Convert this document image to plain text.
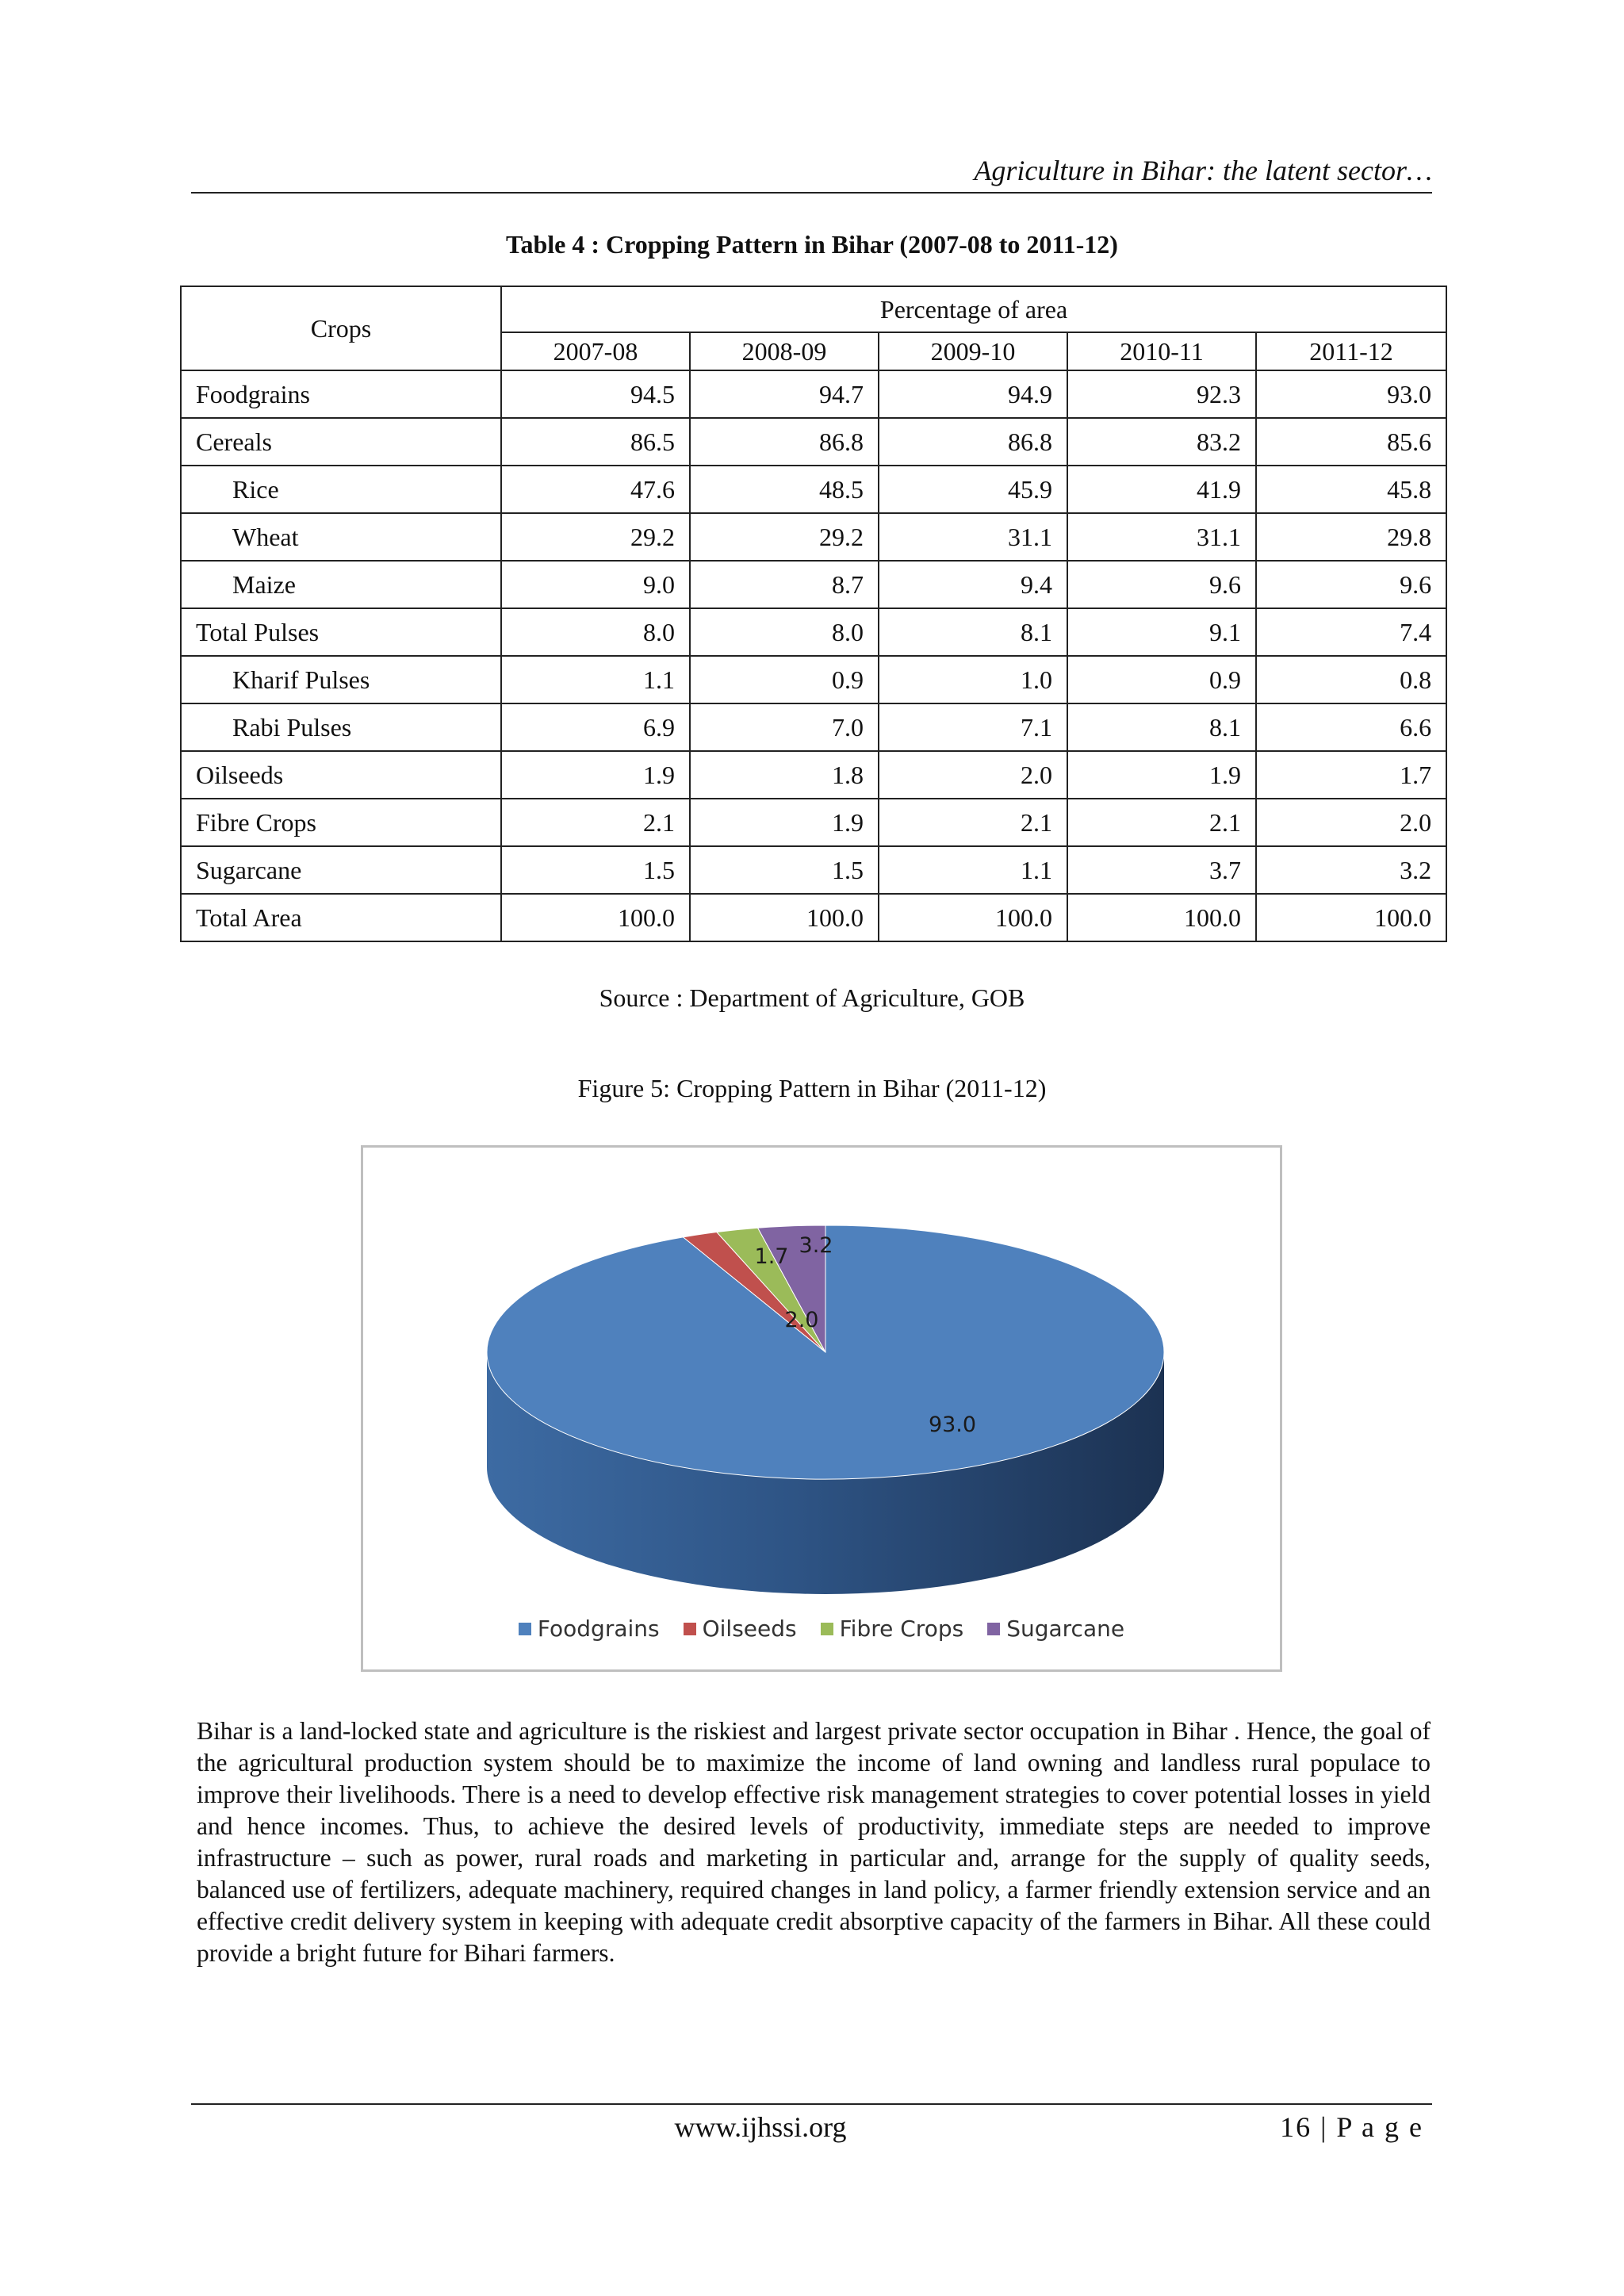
Agriculture in Bihar: the latent sector…
Table 4 : Cropping Pattern in Bihar (2007-08 to 2011-12)
Crops	Percentage of area				
	2007-08	2008-09	2009-10	2010-11	2011-12
Foodgrains	94.5	94.7	94.9	92.3	93.0
Cereals	86.5	86.8	86.8	83.2	85.6
Rice	47.6	48.5	45.9	41.9	45.8
Wheat	29.2	29.2	31.1	31.1	29.8
Maize	9.0	8.7	9.4	9.6	9.6
Total Pulses	8.0	8.0	8.1	9.1	7.4
Kharif Pulses	1.1	0.9	1.0	0.9	0.8
Rabi Pulses	6.9	7.0	7.1	8.1	6.6
Oilseeds	1.9	1.8	2.0	1.9	1.7
Fibre Crops	2.1	1.9	2.1	2.1	2.0
Sugarcane	1.5	1.5	1.1	3.7	3.2
Total Area	100.0	100.0	100.0	100.0	100.0
Source : Department of Agriculture, GOB
Figure 5: Cropping Pattern in Bihar (2011-12)
93.0
1.7
2.0
3.2
Foodgrains Oilseeds Fibre Crops Sugarcane

Bihar is a land-locked state and agriculture is the riskiest and largest private sector occupation in Bihar . Hence, the goal of the agricultural production system should be to maximize the income of land owning and landless rural populace to improve their livelihoods. There is a need to develop effective risk management strategies to cover potential losses in yield and hence incomes. Thus, to achieve the desired levels of productivity, immediate steps are needed to improve infrastructure – such as power, rural roads and marketing in particular and, arrange for the supply of quality seeds, balanced use of fertilizers, adequate machinery, required changes in land policy, a farmer friendly extension service and an effective credit delivery system in keeping with adequate credit absorptive capacity of the farmers in Bihar. All these could provide a bright future for Bihari farmers.

www.ijhssi.org	16 | P a g e
